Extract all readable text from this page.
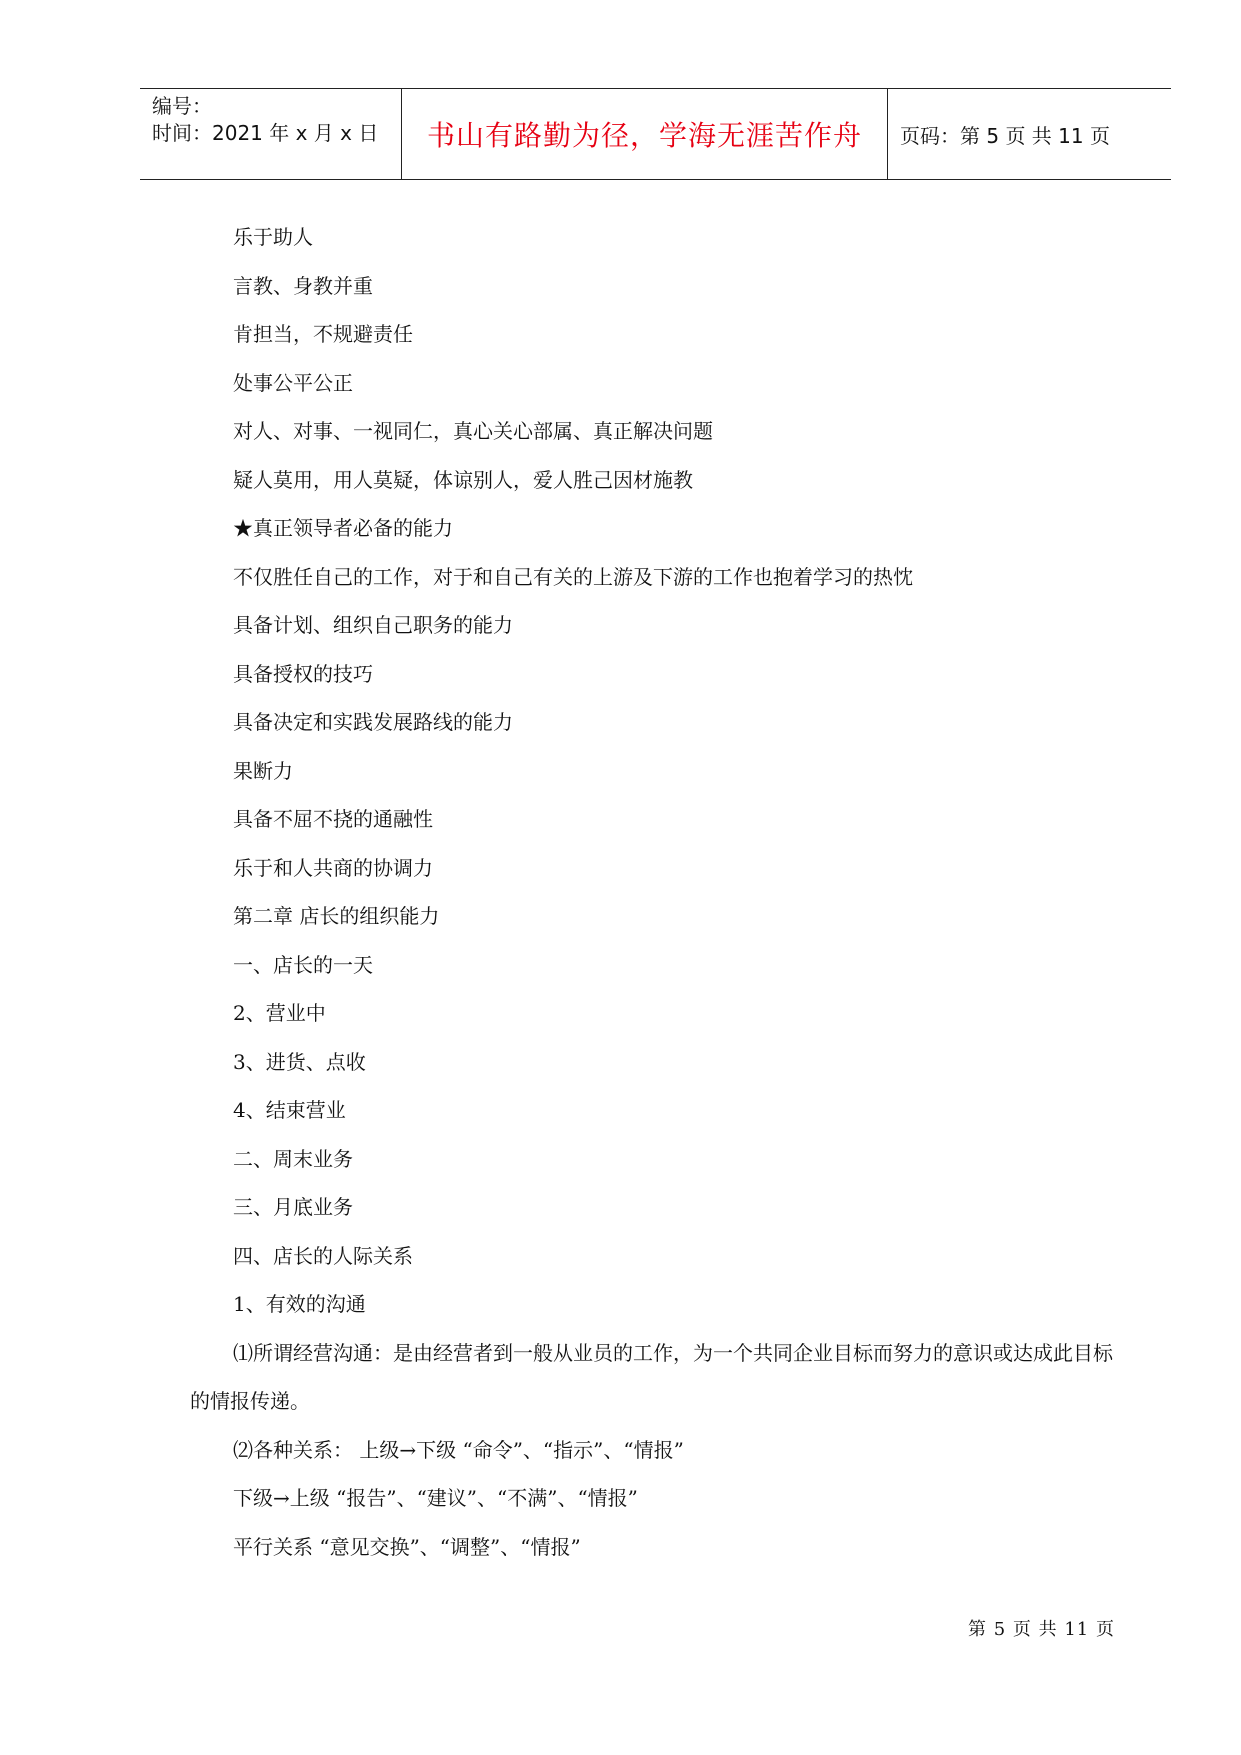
编号：
时间：2021 年 x 月 x 日	书山有路勤为径，学海无涯苦作舟	页码：第 5 页 共 11 页

乐于助人

言教、身教并重

肯担当，不规避责任

处事公平公正

对人、对事、一视同仁，真心关心部属、真正解决问题

疑人莫用，用人莫疑，体谅别人，爱人胜己因材施教

★真正领导者必备的能力

不仅胜任自己的工作，对于和自己有关的上游及下游的工作也抱着学习的热忱

具备计划、组织自己职务的能力

具备授权的技巧

具备决定和实践发展路线的能力

果断力

具备不屈不挠的通融性

乐于和人共商的协调力

第二章 店长的组织能力

一、店长的一天

2、营业中

3、进货、点收

4、结束营业

二、周末业务

三、月底业务

四、店长的人际关系

1、有效的沟通

⑴所谓经营沟通：是由经营者到一般从业员的工作，为一个共同企业目标而努力的意识或达成此目标的情报传递。

⑵各种关系： 上级→下级 “命令”、“指示”、“情报”

下级→上级 “报告”、“建议”、“不满”、“情报”

平行关系 “意见交换”、“调整”、“情报”

第 5 页 共 11 页
